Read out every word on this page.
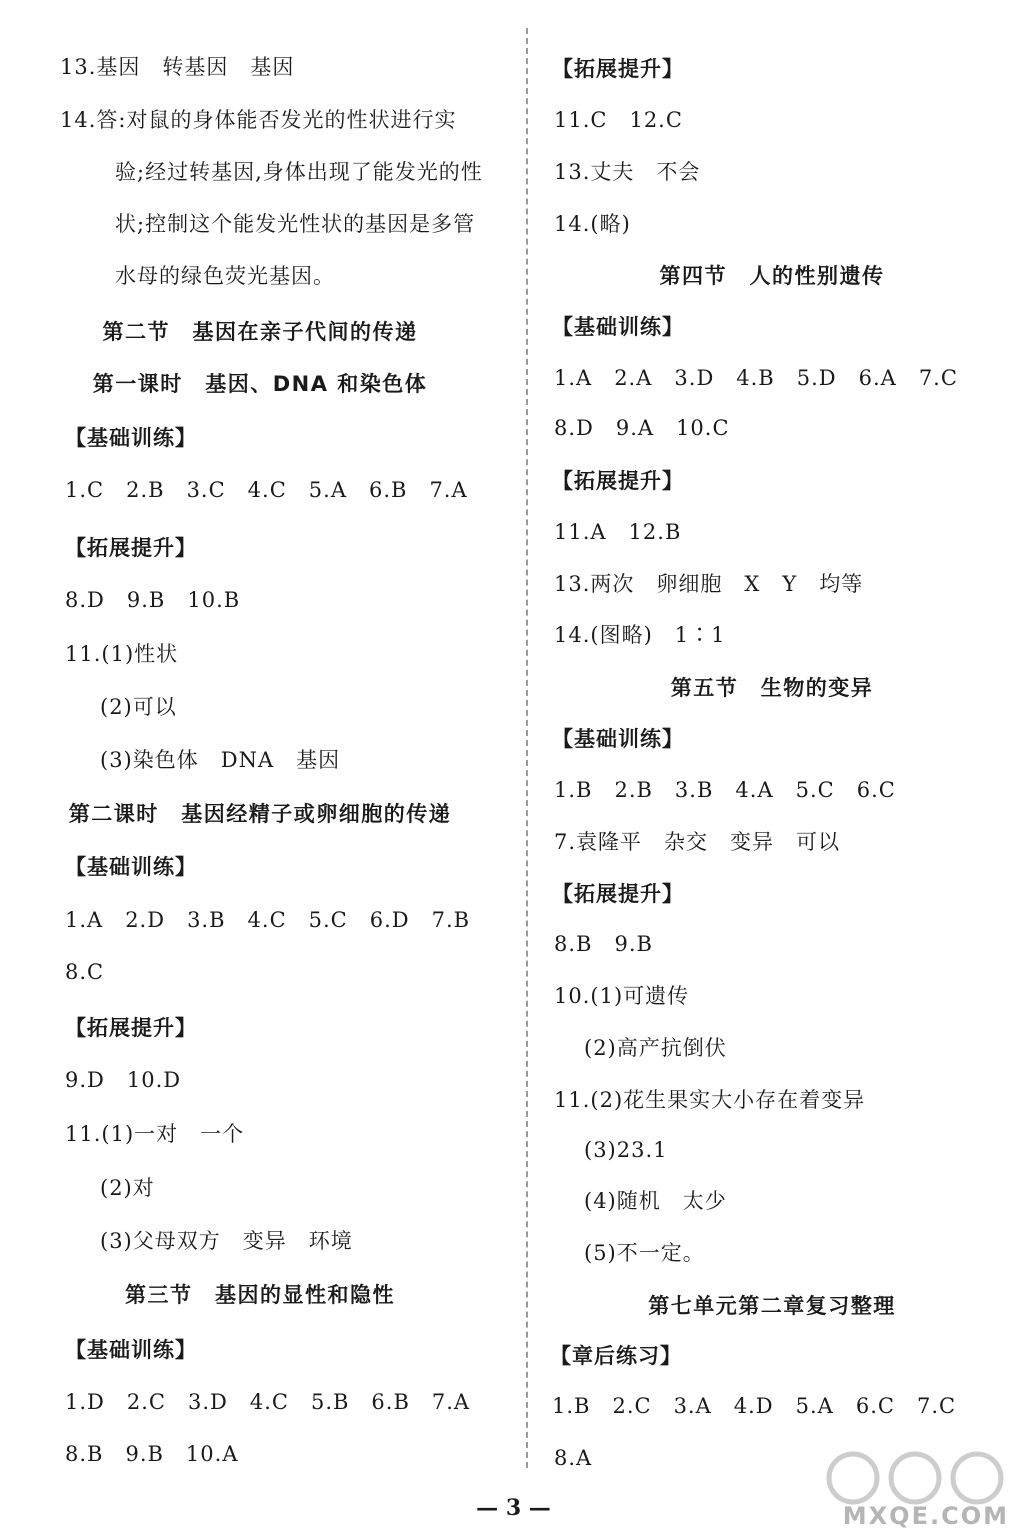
13.基因　转基因　基因
14.答:对鼠的身体能否发光的性状进行实
验;经过转基因,身体出现了能发光的性
状;控制这个能发光性状的基因是多管
水母的绿色荧光基因。
第二节　基因在亲子代间的传递
第一课时　基因、DNA 和染色体
【基础训练】
1.C　2.B　3.C　4.C　5.A　6.B　7.A
【拓展提升】
8.D　9.B　10.B
11.(1)性状
(2)可以
(3)染色体　DNA　基因
第二课时　基因经精子或卵细胞的传递
【基础训练】
1.A　2.D　3.B　4.C　5.C　6.D　7.B
8.C
【拓展提升】
9.D　10.D
11.(1)一对　一个
(2)对
(3)父母双方　变异　环境
第三节　基因的显性和隐性
【基础训练】
1.D　2.C　3.D　4.C　5.B　6.B　7.A
8.B　9.B　10.A
【拓展提升】
11.C　12.C
13.丈夫　不会
14.(略)
第四节　人的性别遗传
【基础训练】
1.A　2.A　3.D　4.B　5.D　6.A　7.C
8.D　9.A　10.C
【拓展提升】
11.A　12.B
13.两次　卵细胞　X　Y　均等
14.(图略)　1∶1
第五节　生物的变异
【基础训练】
1.B　2.B　3.B　4.A　5.C　6.C
7.袁隆平　杂交　变异　可以
【拓展提升】
8.B　9.B
10.(1)可遗传
(2)高产抗倒伏
11.(2)花生果实大小存在着变异
(3)23.1
(4)随机　太少
(5)不一定。
第七单元第二章复习整理
【章后练习】
1.B　2.C　3.A　4.D　5.A　6.C　7.C
8.A
— 3 —	MXQE.COM
